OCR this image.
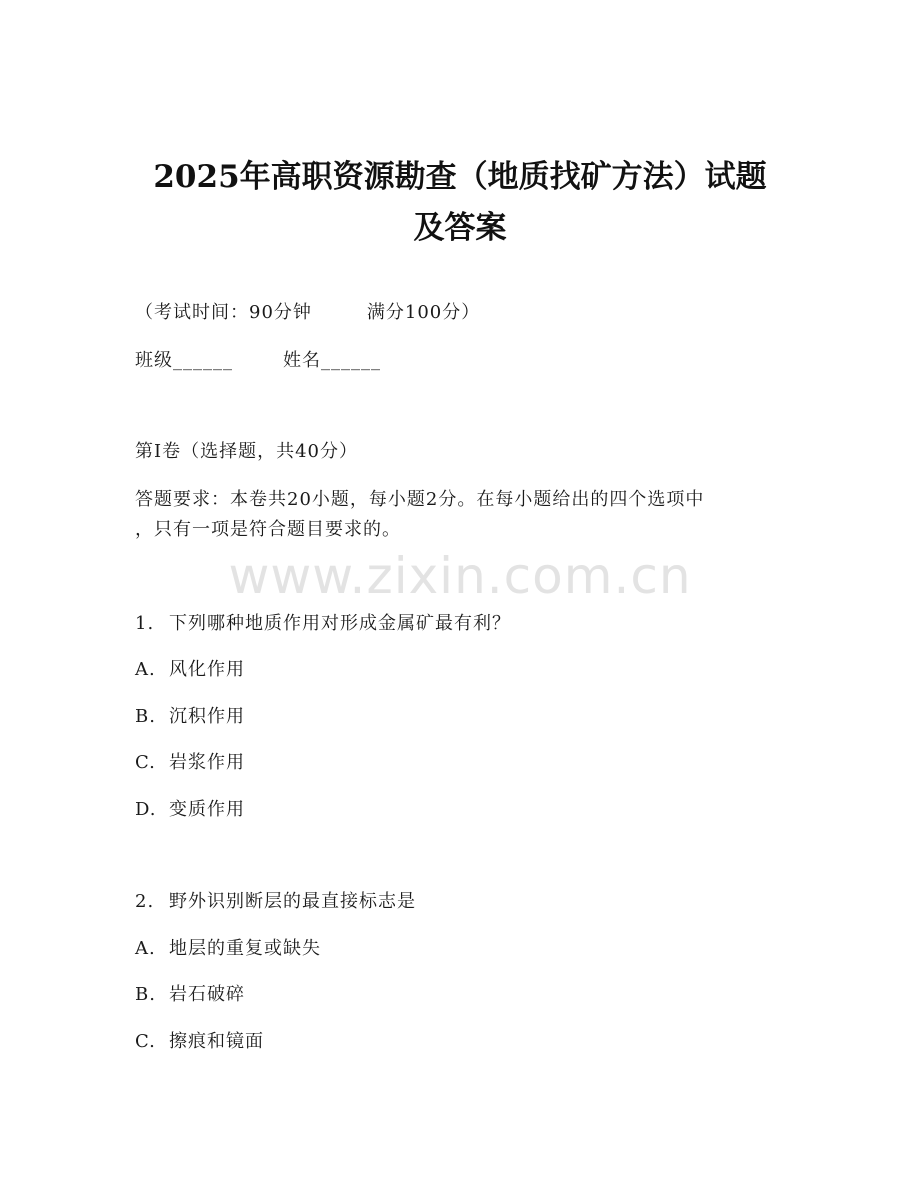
2025年高职资源勘查（地质找矿方法）试题
及答案
（考试时间：90分钟	满分100分）
班级______	姓名______
第I卷（选择题，共40分）
答题要求：本卷共20小题，每小题2分。在每小题给出的四个选项中
，只有一项是符合题目要求的。
www.zixin.com.cn
1. 下列哪种地质作用对形成金属矿最有利？
A. 风化作用
B. 沉积作用
C. 岩浆作用
D. 变质作用
2. 野外识别断层的最直接标志是
A. 地层的重复或缺失
B. 岩石破碎
C. 擦痕和镜面
